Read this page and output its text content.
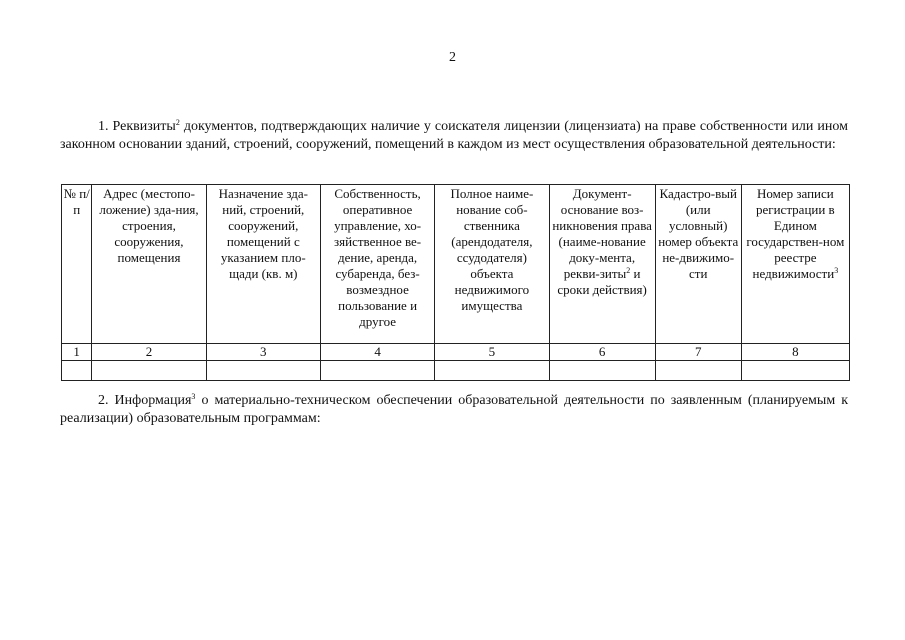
2
1. Реквизиты$^2$ документов, подтверждающих наличие у соискателя лицензии (лицензиата) на праве собственности или ином законном основании зданий, строений, сооружений, помещений в каждом из мест осуществления образовательной деятельности:
№ п/п	Адрес (местопо-ложение) зда-ния, строения, сооружения, помещения	Назначение зда-ний, строений, сооружений, помещений с указанием пло-щади (кв. м)	Собственность, оперативное управление, хо-зяйственное ве-дение, аренда, субаренда, без-возмездное пользование и другое	Полное наиме-нование соб-ственника (арендодателя, ссудодателя) объекта недвижимого имущества	Документ-основание воз-никновения права (наиме-нование доку-мента, рекви-зиты$^2$ и сроки действия)	Кадастро-вый (или условный) номер объекта не-движимо-сти	Номер записи регистрации в Едином государствен-ном реестре недвижимости$^3$
1	2	3	4	5	6	7	8

2. Информация$^3$ о материально-техническом обеспечении образовательной деятельности по заявленным (планируемым к реализации) образовательным программам:
